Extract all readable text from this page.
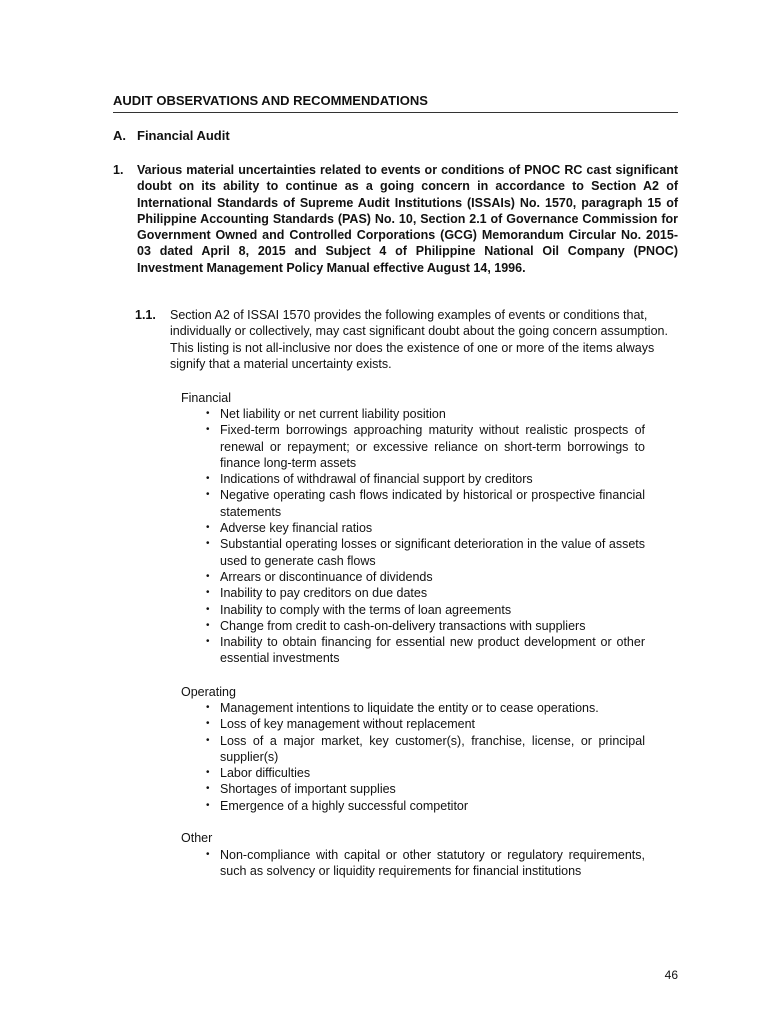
AUDIT OBSERVATIONS AND RECOMMENDATIONS
A. Financial Audit
1. Various material uncertainties related to events or conditions of PNOC RC cast significant doubt on its ability to continue as a going concern in accordance to Section A2 of International Standards of Supreme Audit Institutions (ISSAIs) No. 1570, paragraph 15 of Philippine Accounting Standards (PAS) No. 10, Section 2.1 of Governance Commission for Government Owned and Controlled Corporations (GCG) Memorandum Circular No. 2015-03 dated April 8, 2015 and Subject 4 of Philippine National Oil Company (PNOC) Investment Management Policy Manual effective August 14, 1996.
1.1. Section A2 of ISSAI 1570 provides the following examples of events or conditions that, individually or collectively, may cast significant doubt about the going concern assumption. This listing is not all-inclusive nor does the existence of one or more of the items always signify that a material uncertainty exists.
Financial
• Net liability or net current liability position
• Fixed-term borrowings approaching maturity without realistic prospects of renewal or repayment; or excessive reliance on short-term borrowings to finance long-term assets
• Indications of withdrawal of financial support by creditors
• Negative operating cash flows indicated by historical or prospective financial statements
• Adverse key financial ratios
• Substantial operating losses or significant deterioration in the value of assets used to generate cash flows
• Arrears or discontinuance of dividends
• Inability to pay creditors on due dates
• Inability to comply with the terms of loan agreements
• Change from credit to cash-on-delivery transactions with suppliers
• Inability to obtain financing for essential new product development or other essential investments
Operating
• Management intentions to liquidate the entity or to cease operations.
• Loss of key management without replacement
• Loss of a major market, key customer(s), franchise, license, or principal supplier(s)
• Labor difficulties
• Shortages of important supplies
• Emergence of a highly successful competitor
Other
• Non-compliance with capital or other statutory or regulatory requirements, such as solvency or liquidity requirements for financial institutions
46
